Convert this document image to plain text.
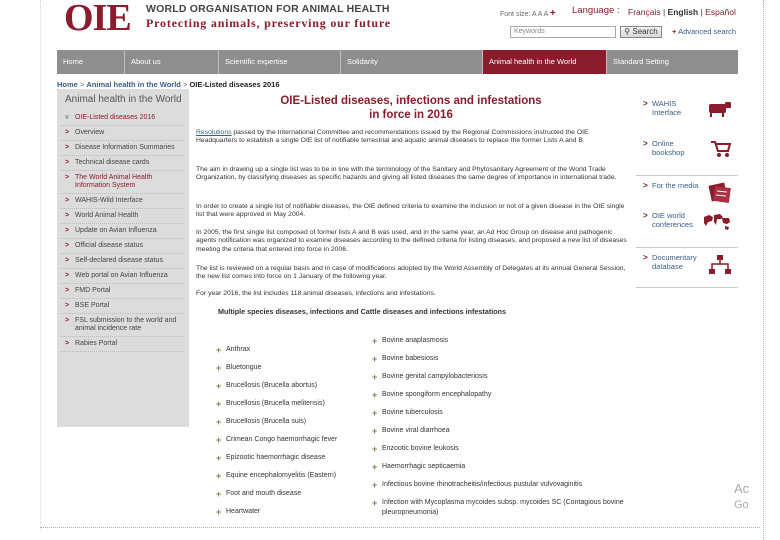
OIE	WORLD ORGANISATION FOR ANIMAL HEALTH
Protecting animals, preserving our future
Font size: A A A + Language : Français | English | Español
Keywords	⚲ Search	+ Advanced search
Home	About us	Scientific expertise	Solidarity	Animal health in the World	Standard Setting
Home > Animal health in the World > OIE-Listed diseases 2016
Animal health in the World
v OIE-Listed diseases 2016
> Overview
> Disease Information Summaries
> Technical disease cards
> The World Animal Health Information System
> WAHIS-Wild Interface
> World Animal Health
> Update on Avian Influenza
> Official disease status
> Self-declared disease status
> Web portal on Avian Influenza
> FMD Portal
> BSE Portal
> FSL submission to the world and animal incidence rate
> Rabies Portal
OIE-Listed diseases, infections and infestations
in force in 2016
Resolutions passed by the International Committee and recommendations issued by the Regional Commissions instructed the OIE Headquarters to establish a single OIE list of notifiable terrestrial and aquatic animal diseases to replace the former Lists A and B.
The aim in drawing up a single list was to be in line with the terminology of the Sanitary and Phytosanitary Agreement of the World Trade Organization, by classifying diseases as specific hazards and giving all listed diseases the same degree of importance in international trade.
In order to create a single list of notifiable diseases, the OIE defined criteria to examine the inclusion or not of a given disease in the OIE single list that were approved in May 2004.
In 2005, the first single list composed of former lists A and B was used, and in the same year, an Ad Hoc Group on disease and pathogenic agents notification was organized to examine diseases according to the defined criteria for listing diseases, and proposed a new list of diseases meeting the criteria that entered into force in 2006.
The list is reviewed on a regular basis and in case of modifications adopted by the World Assembly of Delegates at its annual General Session, the new list comes into force on 1 January of the following year.
For year 2016, the list includes 118 animal diseases, infections and infestations.
Multiple species diseases, infections and Cattle diseases and infections infestations
+ Anthrax
+ Bluetongue
+ Brucellosis (Brucella abortus)
+ Brucellosis (Brucella melitensis)
+ Brucellosis (Brucella suis)
+ Crimean Congo haemorrhagic fever
+ Epizootic haemorrhagic disease
+ Equine encephalomyelitis (Eastern)
+ Foot and mouth disease
+ Heartwater
+ Bovine anaplasmosis
+ Bovine babesiosis
+ Bovine genital campylobacteriosis
+ Bovine spongiform encephalopathy
+ Bovine tuberculosis
+ Bovine viral diarrhoea
+ Enzootic bovine leukosis
+ Haemorrhagic septicaemia
+ Infectious bovine rhinotracheitis/infectious pustular vulvovaginitis
+ Infection with Mycoplasma mycoides subsp. mycoides SC (Contagious bovine pleuropneumonia)
> WAHIS Interface
> Online bookshop
> For the media
> OIE world conferences
> Documentary database
Ac
Go
